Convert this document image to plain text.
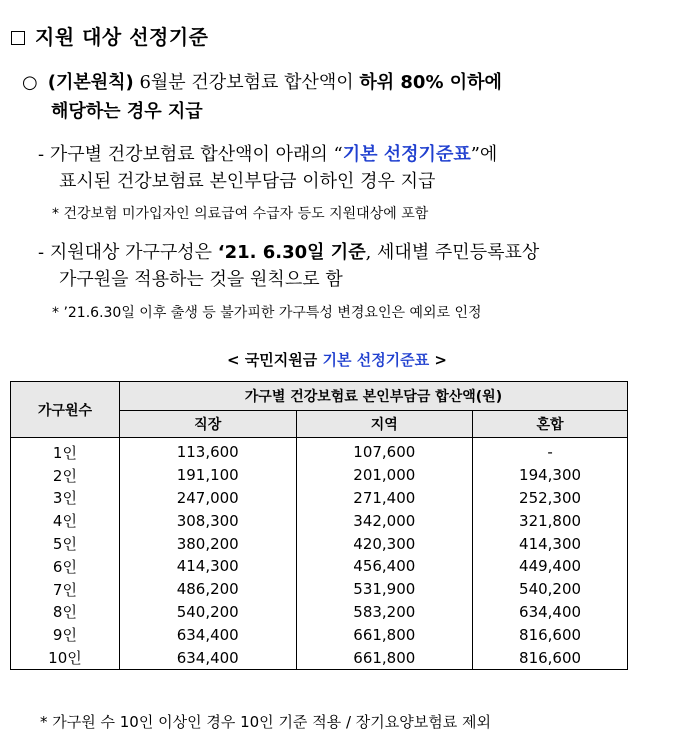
지원 대상 선정기준
○ (기본원칙) 6월분 건강보험료 합산액이 하위 80% 이하에
해당하는 경우 지급
- 가구별 건강보험료 합산액이 아래의 “기본 선정기준표”에
표시된 건강보험료 본인부담금 이하인 경우 지급
* 건강보험 미가입자인 의료급여 수급자 등도 지원대상에 포함
- 지원대상 가구구성은 ‘21. 6.30일 기준, 세대별 주민등록표상
가구원을 적용하는 것을 원칙으로 함
* ’21.6.30일 이후 출생 등 불가피한 가구특성 변경요인은 예외로 인정
< 국민지원금 기본 선정기준표 >
가구원수	가구별 건강보험료 본인부담금 합산액(원)		
	직장	지역	혼합
1인	113,600	107,600	-
2인	191,100	201,000	194,300
3인	247,000	271,400	252,300
4인	308,300	342,000	321,800
5인	380,200	420,300	414,300
6인	414,300	456,400	449,400
7인	486,200	531,900	540,200
8인	540,200	583,200	634,400
9인	634,400	661,800	816,600
10인	634,400	661,800	816,600
* 가구원 수 10인 이상인 경우 10인 기준 적용 / 장기요양보험료 제외
